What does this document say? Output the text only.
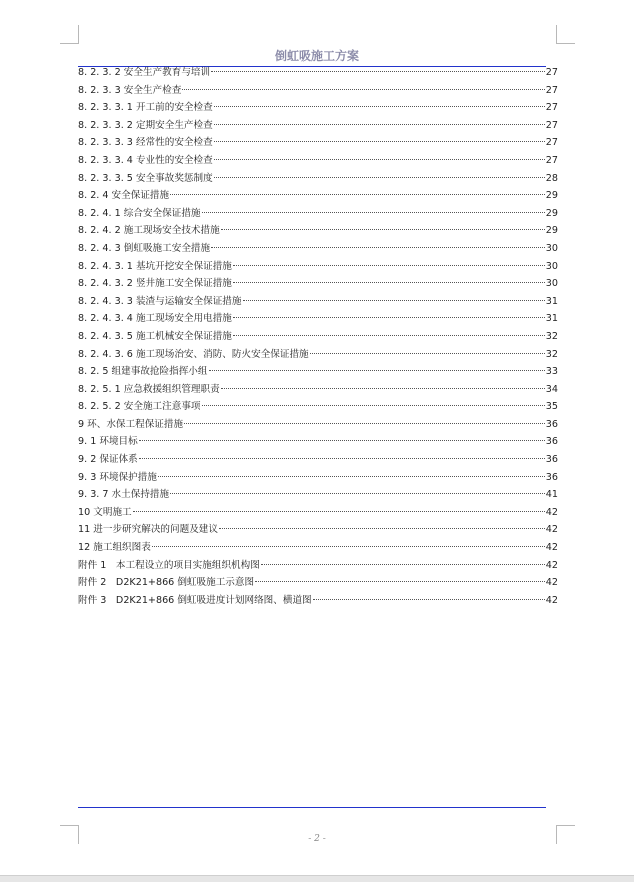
倒虹吸施工方案
8. 2. 3. 2 安全生产教育与培训	27
8. 2. 3. 3 安全生产检查	27
8. 2. 3. 3. 1 开工前的安全检查	27
8. 2. 3. 3. 2 定期安全生产检查	27
8. 2. 3. 3. 3 经常性的安全检查	27
8. 2. 3. 3. 4 专业性的安全检查	27
8. 2. 3. 3. 5 安全事故奖惩制度	28
8. 2. 4 安全保证措施	29
8. 2. 4. 1 综合安全保证措施	29
8. 2. 4. 2 施工现场安全技术措施	29
8. 2. 4. 3 倒虹吸施工安全措施	30
8. 2. 4. 3. 1 基坑开挖安全保证措施	30
8. 2. 4. 3. 2 竖井施工安全保证措施	30
8. 2. 4. 3. 3 装渣与运输安全保证措施	31
8. 2. 4. 3. 4 施工现场安全用电措施	31
8. 2. 4. 3. 5 施工机械安全保证措施	32
8. 2. 4. 3. 6 施工现场治安、消防、防火安全保证措施	32
8. 2. 5 组建事故抢险指挥小组	33
8. 2. 5. 1 应急救援组织管理职责	34
8. 2. 5. 2 安全施工注意事项	35
9 环、水保工程保证措施	36
9. 1 环境目标	36
9. 2 保证体系	36
9. 3 环境保护措施	36
9. 3. 7 水土保持措施	41
10 文明施工	42
11 进一步研究解决的问题及建议	42
12 施工组织图表	42
附件 1　本工程设立的项目实施组织机构图	42
附件 2　D2K21+866 倒虹吸施工示意图	42
附件 3　D2K21+866 倒虹吸进度计划网络图、横道图	42
- 2 -
